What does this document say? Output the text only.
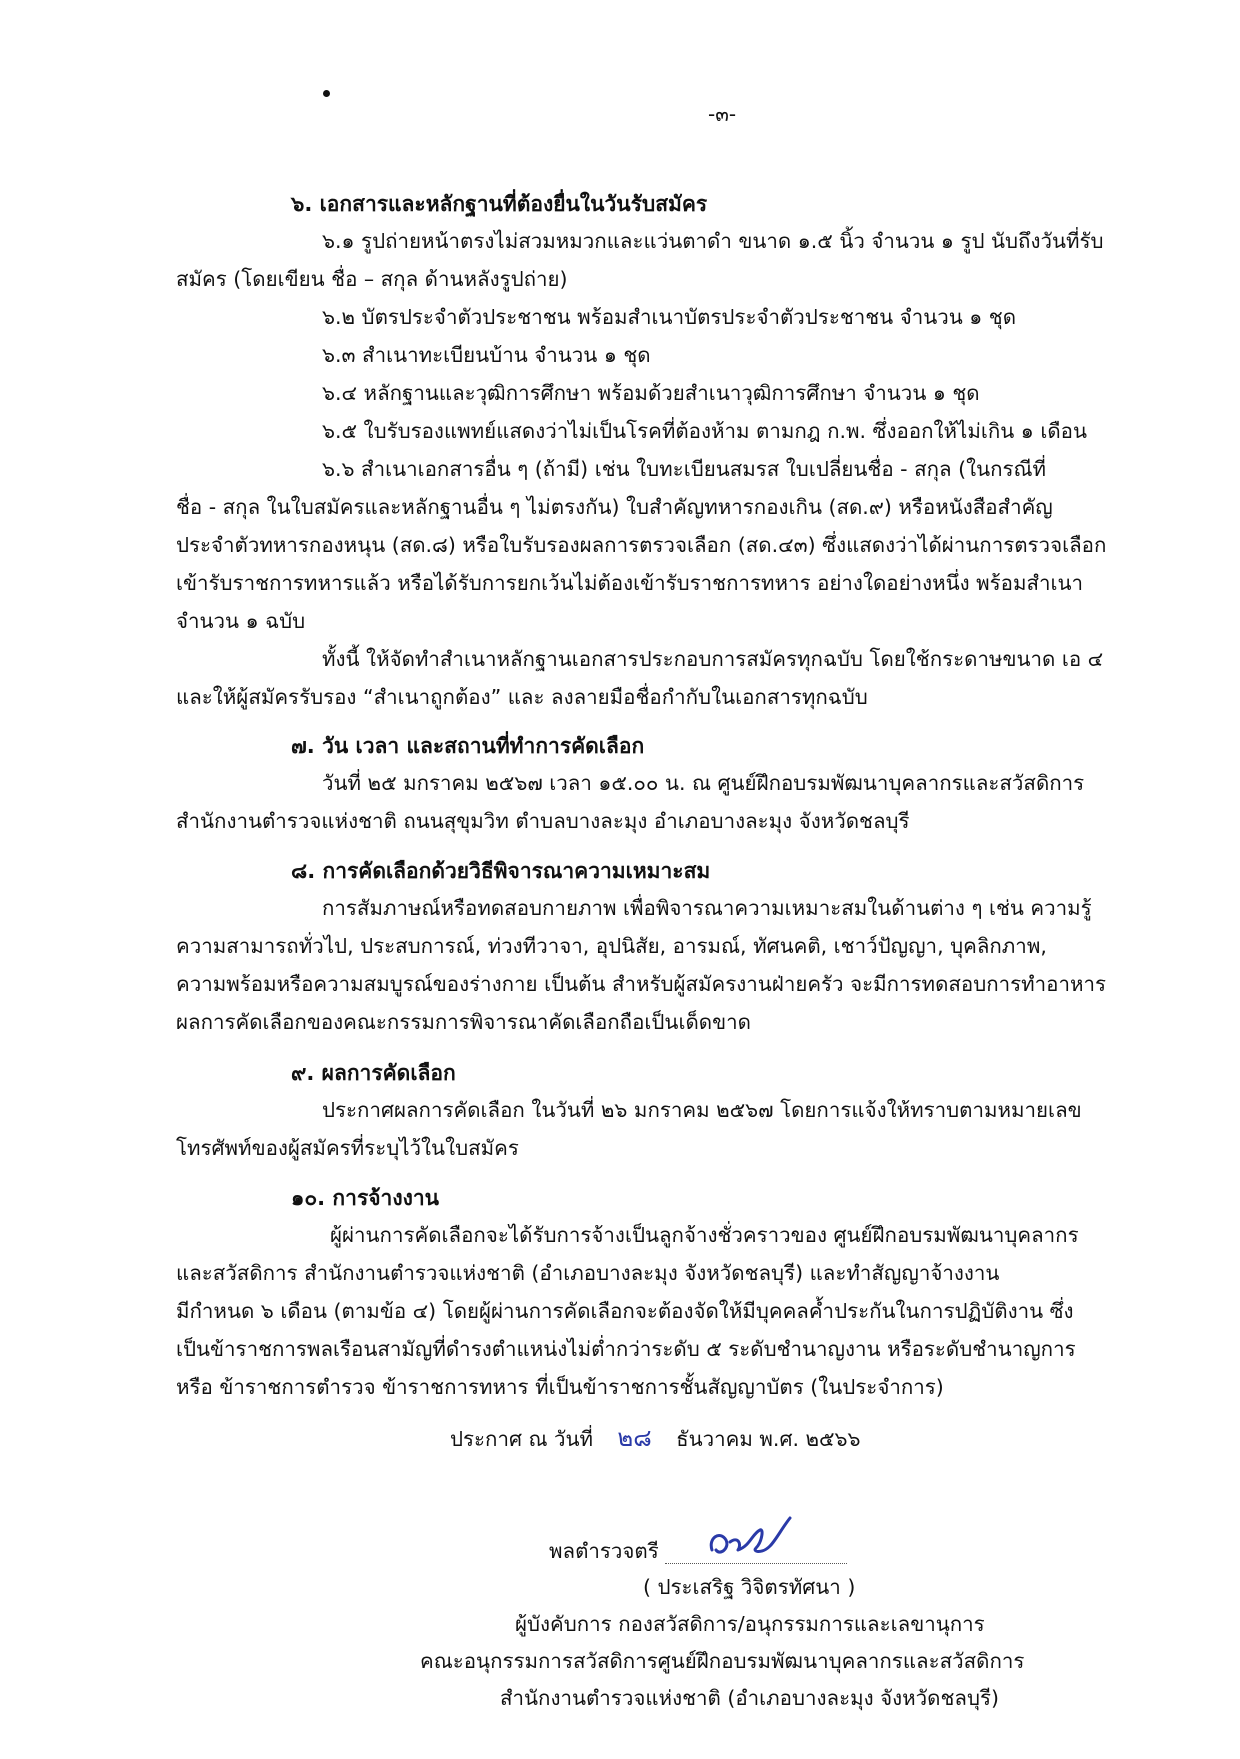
-๓-
๖. เอกสารและหลักฐานที่ต้องยื่นในวันรับสมัคร
๖.๑ รูปถ่ายหน้าตรงไม่สวมหมวกและแว่นตาดำ ขนาด ๑.๕ นิ้ว จำนวน ๑ รูป นับถึงวันที่รับ
สมัคร (โดยเขียน ชื่อ – สกุล ด้านหลังรูปถ่าย)
๖.๒ บัตรประจำตัวประชาชน พร้อมสำเนาบัตรประจำตัวประชาชน จำนวน ๑ ชุด
๖.๓ สำเนาทะเบียนบ้าน จำนวน ๑ ชุด
๖.๔ หลักฐานและวุฒิการศึกษา พร้อมด้วยสำเนาวุฒิการศึกษา จำนวน ๑ ชุด
๖.๕ ใบรับรองแพทย์แสดงว่าไม่เป็นโรคที่ต้องห้าม ตามกฎ ก.พ. ซึ่งออกให้ไม่เกิน ๑ เดือน
๖.๖ สำเนาเอกสารอื่น ๆ (ถ้ามี) เช่น ใบทะเบียนสมรส ใบเปลี่ยนชื่อ - สกุล (ในกรณีที่
ชื่อ - สกุล ในใบสมัครและหลักฐานอื่น ๆ ไม่ตรงกัน) ใบสำคัญทหารกองเกิน (สด.๙) หรือหนังสือสำคัญ
ประจำตัวทหารกองหนุน (สด.๘) หรือใบรับรองผลการตรวจเลือก (สด.๔๓) ซึ่งแสดงว่าได้ผ่านการตรวจเลือก
เข้ารับราชการทหารแล้ว หรือได้รับการยกเว้นไม่ต้องเข้ารับราชการทหาร อย่างใดอย่างหนึ่ง พร้อมสำเนา
จำนวน ๑ ฉบับ
ทั้งนี้ ให้จัดทำสำเนาหลักฐานเอกสารประกอบการสมัครทุกฉบับ โดยใช้กระดาษขนาด เอ ๔
และให้ผู้สมัครรับรอง “สำเนาถูกต้อง” และ ลงลายมือชื่อกำกับในเอกสารทุกฉบับ
๗. วัน เวลา และสถานที่ทำการคัดเลือก
วันที่ ๒๕ มกราคม ๒๕๖๗ เวลา ๑๕.๐๐ น. ณ ศูนย์ฝึกอบรมพัฒนาบุคลากรและสวัสดิการ
สำนักงานตำรวจแห่งชาติ ถนนสุขุมวิท ตำบลบางละมุง อำเภอบางละมุง จังหวัดชลบุรี
๘. การคัดเลือกด้วยวิธีพิจารณาความเหมาะสม
การสัมภาษณ์หรือทดสอบกายภาพ เพื่อพิจารณาความเหมาะสมในด้านต่าง ๆ เช่น ความรู้
ความสามารถทั่วไป, ประสบการณ์, ท่วงทีวาจา, อุปนิสัย, อารมณ์, ทัศนคติ, เชาว์ปัญญา, บุคลิกภาพ,
ความพร้อมหรือความสมบูรณ์ของร่างกาย เป็นต้น สำหรับผู้สมัครงานฝ่ายครัว จะมีการทดสอบการทำอาหาร
ผลการคัดเลือกของคณะกรรมการพิจารณาคัดเลือกถือเป็นเด็ดขาด
๙. ผลการคัดเลือก
ประกาศผลการคัดเลือก ในวันที่ ๒๖ มกราคม ๒๕๖๗ โดยการแจ้งให้ทราบตามหมายเลข
โทรศัพท์ของผู้สมัครที่ระบุไว้ในใบสมัคร
๑๐. การจ้างงาน
ผู้ผ่านการคัดเลือกจะได้รับการจ้างเป็นลูกจ้างชั่วคราวของ ศูนย์ฝึกอบรมพัฒนาบุคลากร
และสวัสดิการ สำนักงานตำรวจแห่งชาติ (อำเภอบางละมุง จังหวัดชลบุรี) และทำสัญญาจ้างงาน
มีกำหนด ๖ เดือน (ตามข้อ ๔) โดยผู้ผ่านการคัดเลือกจะต้องจัดให้มีบุคคลค้ำประกันในการปฏิบัติงาน ซึ่ง
เป็นข้าราชการพลเรือนสามัญที่ดำรงตำแหน่งไม่ต่ำกว่าระดับ ๕ ระดับชำนาญงาน หรือระดับชำนาญการ
หรือ ข้าราชการตำรวจ ข้าราชการทหาร ที่เป็นข้าราชการชั้นสัญญาบัตร (ในประจำการ)
ประกาศ ณ วันที่ ๒๘ ธันวาคม พ.ศ. ๒๕๖๖
พลตำรวจตรี
( ประเสริฐ วิจิตรทัศนา )
ผู้บังคับการ กองสวัสดิการ/อนุกรรมการและเลขานุการ
คณะอนุกรรมการสวัสดิการศูนย์ฝึกอบรมพัฒนาบุคลากรและสวัสดิการ
สำนักงานตำรวจแห่งชาติ (อำเภอบางละมุง จังหวัดชลบุรี)
